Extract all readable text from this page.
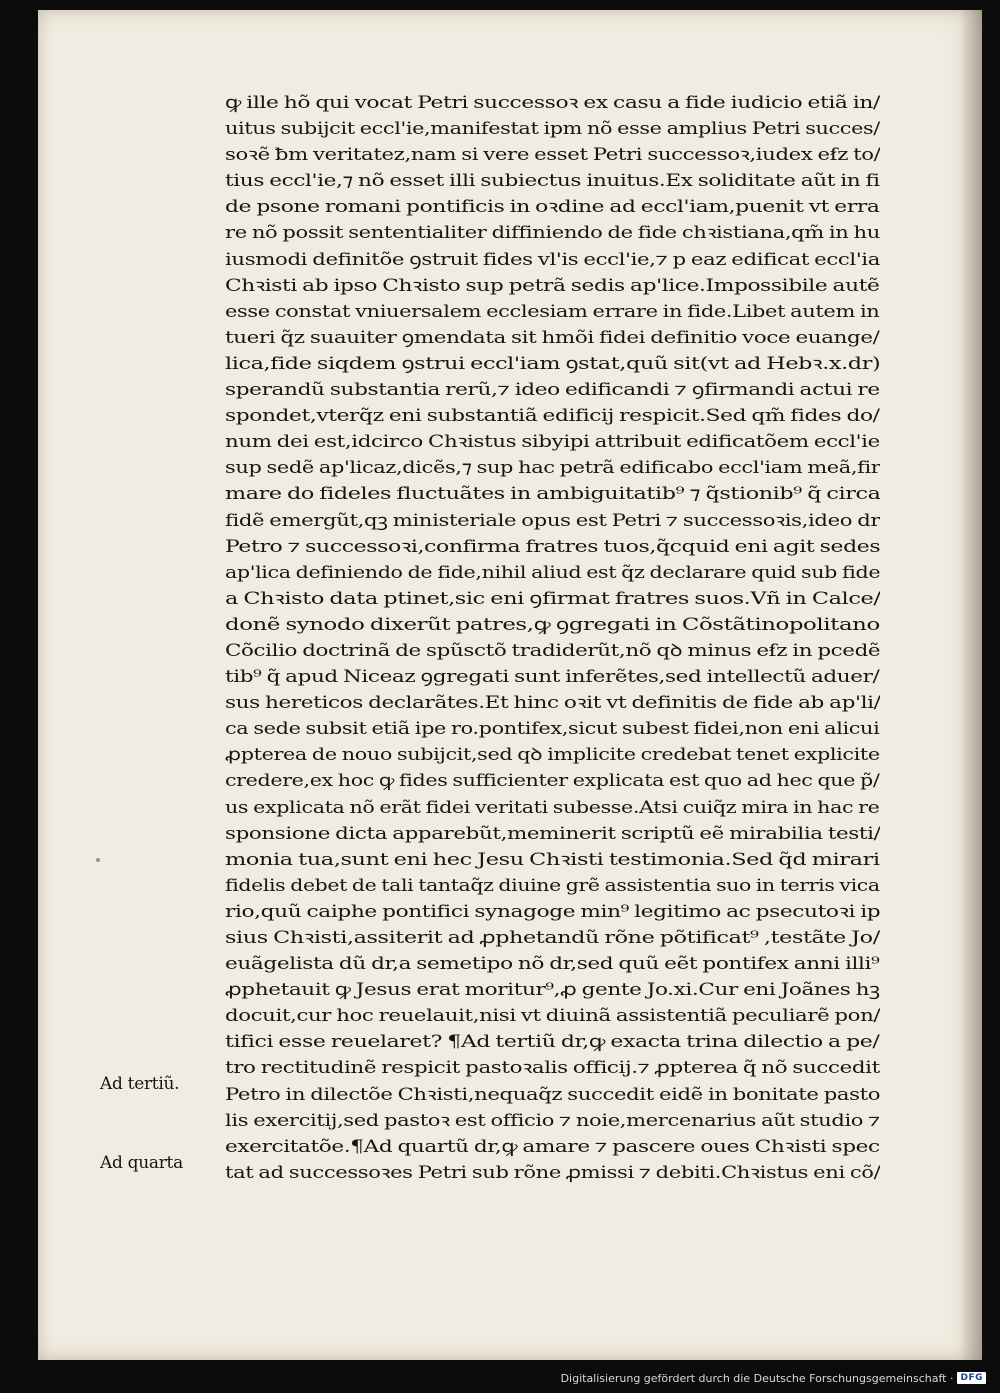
ꝙ ille hõ qui vocat Petri successoꝛ ex casu a fide iudicio etiã in/
uitus subijcit eccl'ie,manifestat ipm nõ esse amplius Petri succes/
soꝛẽ ƀm veritatez,nam si vere esset Petri successoꝛ,iudex eẜz to/
tius eccl'ie,⁊ nõ esset illi subiectus inuitus.Ex soliditate aũt in fi
de psone romani pontificis in oꝛdine ad eccl'iam,puenit vt erra
re nõ possit sententialiter diffiniendo de fide chꝛistiana,qm̃ in hu
iusmodi definitõe ꝯstruit fides vl'is eccl'ie,⁊ p eaz edificat eccl'ia
Chꝛisti ab ipso Chꝛisto sup petrã sedis ap'lice.Impossibile autẽ
esse constat vniuersalem ecclesiam errare in fide.Libet autem in
tueri q̃z suauiter ꝯmendata sit hmõi fidei definitio voce euange/
lica,fide siqdem ꝯstrui eccl'iam ꝯstat,quũ sit(vt ad Hebꝛ.x.dr)
sperandũ substantia rerũ,⁊ ideo edificandi ⁊ ꝯfirmandi actui re
spondet,vterq̃z eni substantiã edificij respicit.Sed qm̃ fides do/
num dei est,idcirco Chꝛistus sibyipi attribuit edificatõem eccl'ie
sup sedẽ ap'licaz,dicẽs,⁊ sup hac petrã edificabo eccl'iam meã,fir
mare do fideles fluctuãtes in ambiguitatib⁹ ⁊ q̃stionib⁹ q̃ circa
fidẽ emergũt,qꝫ ministeriale opus est Petri ⁊ successoꝛis,ideo dr
Petro ⁊ successoꝛi,confirma fratres tuos,q̃cquid eni agit sedes
ap'lica definiendo de fide,nihil aliud est q̃z declarare quid sub fide
a Chꝛisto data ptinet,sic eni ꝯfirmat fratres suos.Vñ in Calce/
donẽ synodo dixerũt patres,ꝙ ꝯgregati in Cõstãtinopolitano
Cõcilio doctrinã de spũsctõ tradiderũt,nõ qꝺ minus eẜz in pcedẽ
tib⁹ q̃ apud Niceaz ꝯgregati sunt inferẽtes,sed intellectũ aduer/
sus hereticos declarãtes.Et hinc oꝛit vt definitis de fide ab ap'li/
ca sede subsit etiã ipe ro.pontifex,sicut subest fidei,non eni alicui
ꝓpterea de nouo subijcit,sed qꝺ implicite credebat tenet explicite
credere,ex hoc ꝙ fides sufficienter explicata est quo ad hec que p̃/
us explicata nõ erãt fidei veritati subesse.Atsi cuiq̃z mira in hac re
sponsione dicta apparebũt,meminerit scriptũ eẽ mirabilia testi/
monia tua,sunt eni hec Jesu Chꝛisti testimonia.Sed q̃d mirari
fidelis debet de tali tantaq̃z diuine grẽ assistentia suo in terris vica
rio,quũ caiphe pontifici synagoge min⁹ legitimo ac psecutoꝛi ip
sius Chꝛisti,assiterit ad ꝓphetandũ rõne põtificat⁹ ,testãte Jo/
euãgelista dũ dr,a semetipo nõ dr,sed quũ eẽt pontifex anni illi⁹
ꝓphetauit ꝙ Jesus erat moritur⁹,ꝓ gente Jo.xi.Cur eni Joãnes hꝫ
docuit,cur hoc reuelauit,nisi vt diuinã assistentiã peculiarẽ pon/
tifici esse reuelaret? ¶Ad tertiũ dr,ꝙ exacta trina dilectio a pe/
tro rectitudinẽ respicit pastoꝛalis officij.⁊ ꝓpterea q̃ nõ succedit
Petro in dilectõe Chꝛisti,nequaq̃z succedit eidẽ in bonitate pasto
lis exercitij,sed pastoꝛ est officio ⁊ noie,mercenarius aũt studio ⁊
exercitatõe.¶Ad quartũ dr,ꝙ amare ⁊ pascere oues Chꝛisti spec
tat ad successoꝛes Petri sub rõne ꝓmissi ⁊ debiti.Chꝛistus eni cõ/
Ad tertiũ.
Ad quarta
Digitalisierung gefördert durch die Deutsche Forschungsgemeinschaft · DFG
